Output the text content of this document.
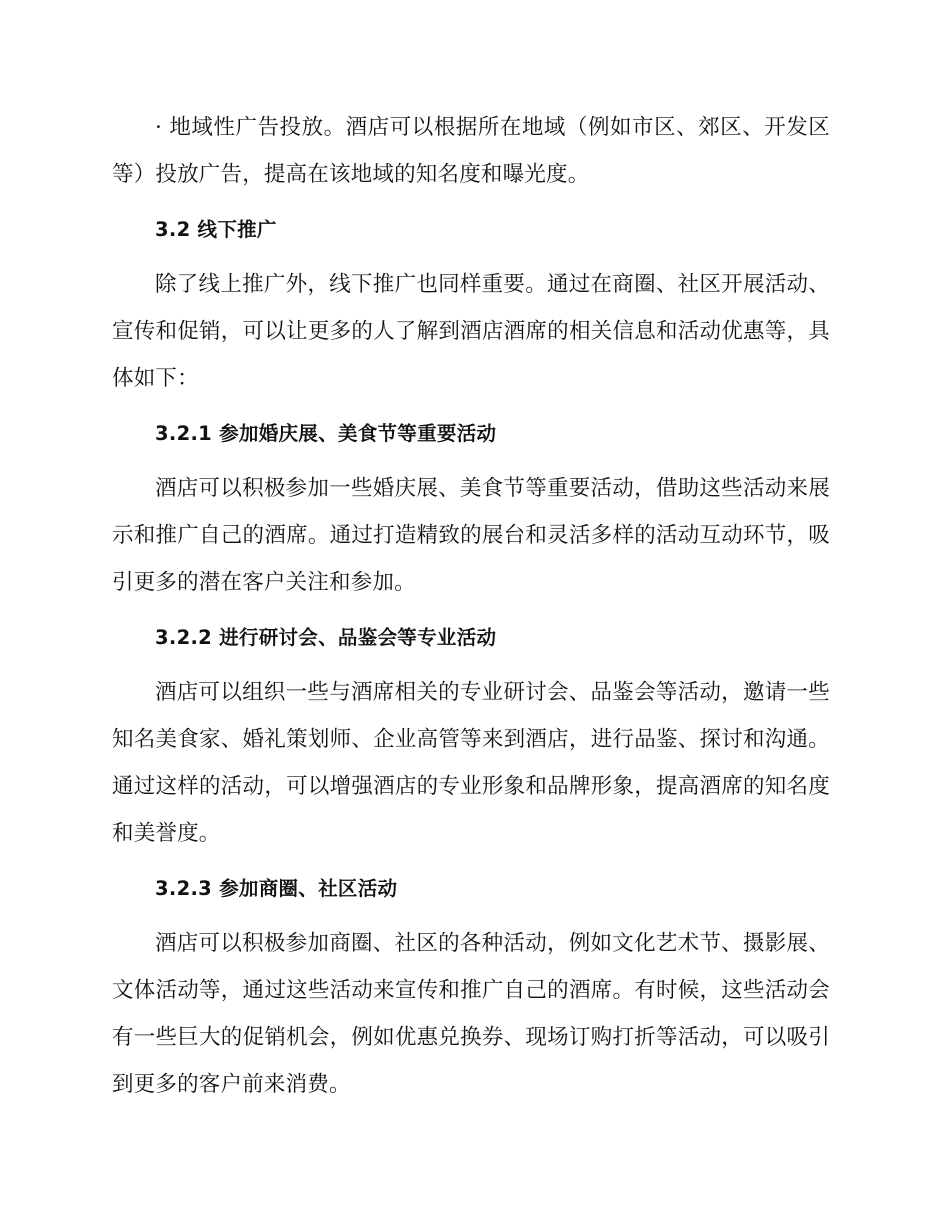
· 地域性广告投放。酒店可以根据所在地域（例如市区、郊区、开发区等）投放广告，提高在该地域的知名度和曝光度。

3.2 线下推广

除了线上推广外，线下推广也同样重要。通过在商圈、社区开展活动、宣传和促销，可以让更多的人了解到酒店酒席的相关信息和活动优惠等，具体如下：

3.2.1 参加婚庆展、美食节等重要活动

酒店可以积极参加一些婚庆展、美食节等重要活动，借助这些活动来展示和推广自己的酒席。通过打造精致的展台和灵活多样的活动互动环节，吸引更多的潜在客户关注和参加。

3.2.2 进行研讨会、品鉴会等专业活动

酒店可以组织一些与酒席相关的专业研讨会、品鉴会等活动，邀请一些知名美食家、婚礼策划师、企业高管等来到酒店，进行品鉴、探讨和沟通。通过这样的活动，可以增强酒店的专业形象和品牌形象，提高酒席的知名度和美誉度。

3.2.3 参加商圈、社区活动

酒店可以积极参加商圈、社区的各种活动，例如文化艺术节、摄影展、文体活动等，通过这些活动来宣传和推广自己的酒席。有时候，这些活动会有一些巨大的促销机会，例如优惠兑换券、现场订购打折等活动，可以吸引到更多的客户前来消费。
